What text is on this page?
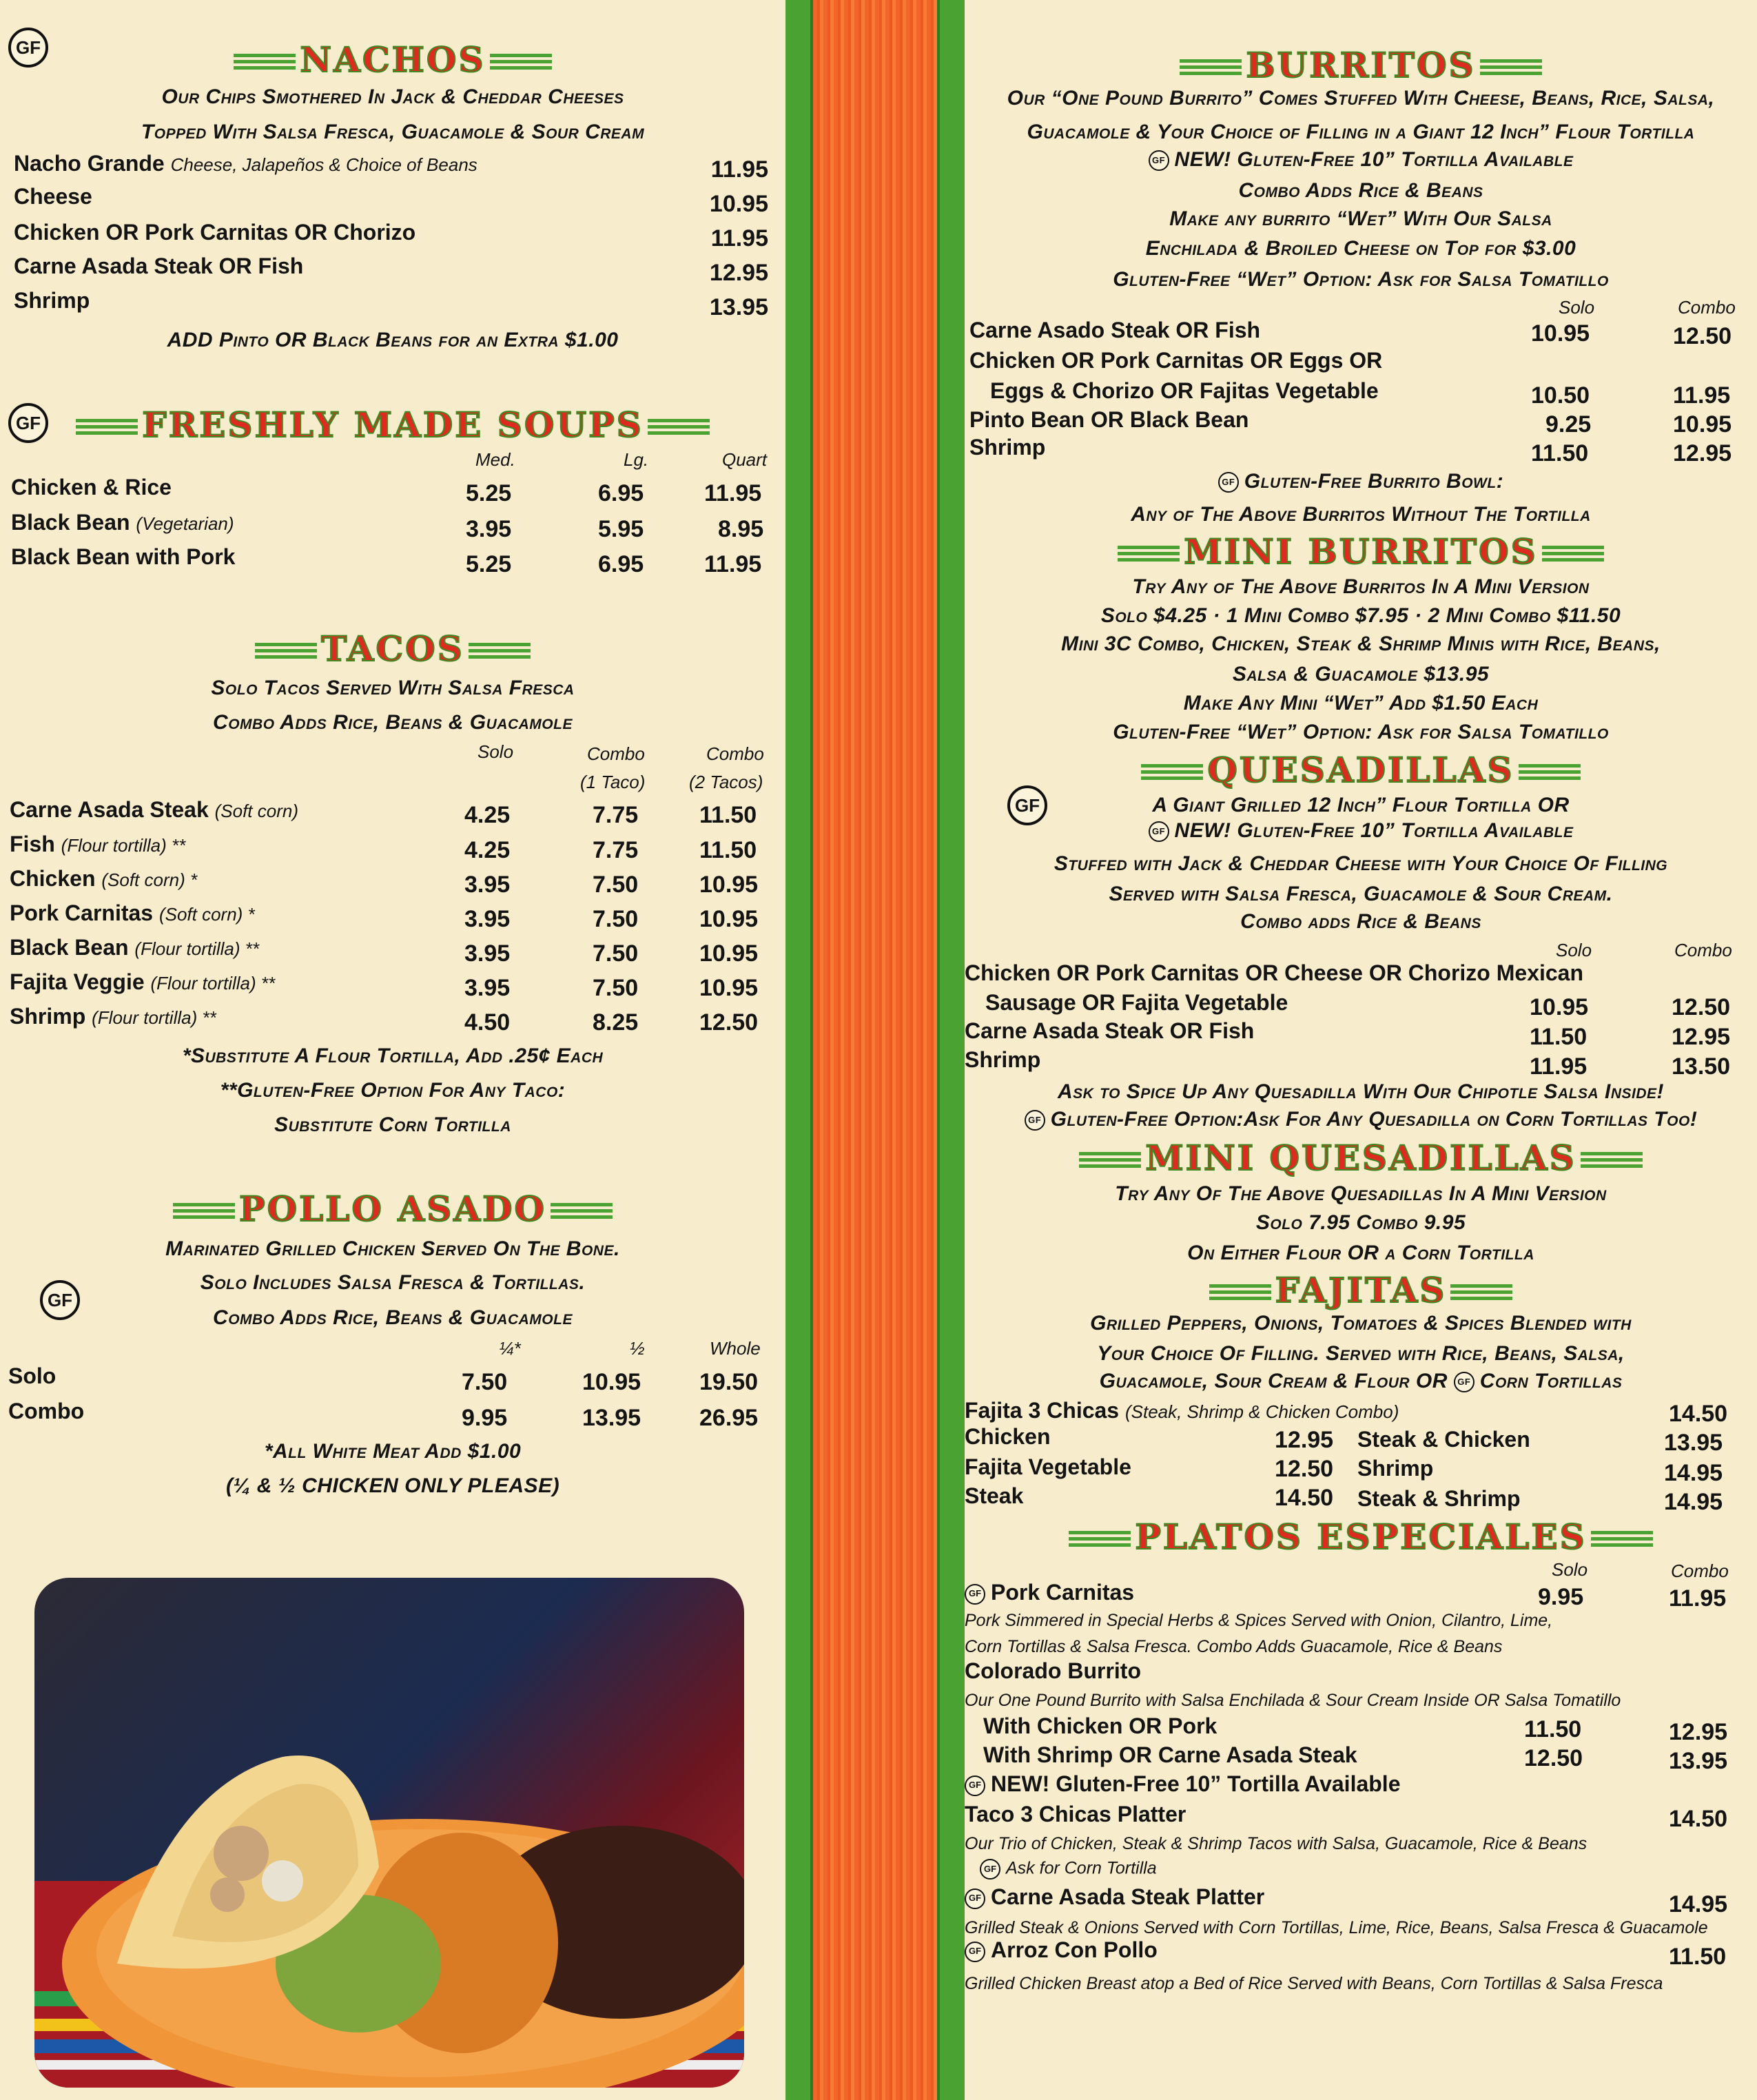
GF	NACHOS
Our Chips Smothered In Jack & Cheddar Cheeses
Topped With Salsa Fresca, Guacamole & Sour Cream
Nacho Grande Cheese, Jalapeños & Choice of Beans	11.95
Cheese	10.95
Chicken OR Pork Carnitas OR Chorizo	11.95
Carne Asada Steak OR Fish	12.95
Shrimp	13.95
ADD Pinto OR Black Beans for an Extra $1.00
GF	FRESHLY MADE SOUPS
Med.	Lg.	Quart
Chicken & Rice	5.25	6.95	11.95
Black Bean (Vegetarian)	3.95	5.95	8.95
Black Bean with Pork	5.25	6.95	11.95
TACOS
Solo Tacos Served With Salsa Fresca
Combo Adds Rice, Beans & Guacamole
Solo	Combo	Combo
(1 Taco) (2 Tacos)
Carne Asada Steak (Soft corn)	4.25	7.75	11.50
Fish (Flour tortilla) **	4.25	7.75	11.50
Chicken (Soft corn) *	3.95	7.50	10.95
Pork Carnitas (Soft corn) *	3.95	7.50	10.95
Black Bean (Flour tortilla) **	3.95	7.50	10.95
Fajita Veggie (Flour tortilla) **	3.95	7.50	10.95
Shrimp (Flour tortilla) **	4.50	8.25	12.50
*Substitute A Flour Tortilla, Add .25¢ Each
**Gluten-Free Option For Any Taco:
Substitute Corn Tortilla
POLLO ASADO
Marinated Grilled Chicken Served On The Bone.
GF
Solo Includes Salsa Fresca & Tortillas.
Combo Adds Rice, Beans & Guacamole
¼*	½	Whole
Solo	7.50	10.95 19.50
Combo	9.95	13.95 26.95
*All White Meat Add $1.00
(¼ & ½ CHICKEN ONLY PLEASE)
BURRITOS
Our “One Pound Burrito” Comes Stuffed With Cheese, Beans, Rice, Salsa,
Guacamole & Your Choice of Filling in a Giant 12 Inch” Flour Tortilla
GF NEW! Gluten-Free 10” Tortilla Available
Combo Adds Rice & Beans
Make any burrito “Wet” With Our Salsa
Enchilada & Broiled Cheese on Top for $3.00
Gluten-Free “Wet” Option: Ask for Salsa Tomatillo
Solo	Combo
Carne Asado Steak OR Fish	10.95	12.50
Chicken OR Pork Carnitas OR Eggs OR
Eggs & Chorizo OR Fajitas Vegetable	10.50	11.95
Pinto Bean OR Black Bean	9.25	10.95
Shrimp	11.50	12.95
GF Gluten-Free Burrito Bowl:
Any of The Above Burritos Without The Tortilla
MINI BURRITOS
Try Any of The Above Burritos In A Mini Version
Solo $4.25 · 1 Mini Combo $7.95 · 2 Mini Combo $11.50
Mini 3C Combo, Chicken, Steak & Shrimp Minis with Rice, Beans,
Salsa & Guacamole $13.95
Make Any Mini “Wet” Add $1.50 Each
Gluten-Free “Wet” Option: Ask for Salsa Tomatillo
QUESADILLAS
GF	A Giant Grilled 12 Inch” Flour Tortilla OR
GF NEW! Gluten-Free 10” Tortilla Available
Stuffed with Jack & Cheddar Cheese with Your Choice Of Filling
Served with Salsa Fresca, Guacamole & Sour Cream.
Combo adds Rice & Beans
Solo	Combo
Chicken OR Pork Carnitas OR Cheese OR Chorizo Mexican
Sausage OR Fajita Vegetable	10.95	12.50
Carne Asada Steak OR Fish	11.50	12.95
Shrimp	11.95	13.50
Ask to Spice Up Any Quesadilla With Our Chipotle Salsa Inside!
GF Gluten-Free Option:Ask For Any Quesadilla on Corn Tortillas Too!
MINI QUESADILLAS
Try Any Of The Above Quesadillas In A Mini Version
Solo 7.95 Combo 9.95
On Either Flour OR a Corn Tortilla
FAJITAS
Grilled Peppers, Onions, Tomatoes & Spices Blended with
Your Choice Of Filling. Served with Rice, Beans, Salsa,
Guacamole, Sour Cream & Flour OR GF Corn Tortillas
Fajita 3 Chicas (Steak, Shrimp & Chicken Combo)	14.50
Chicken	12.95 Steak & Chicken	13.95
Fajita Vegetable	12.50 Shrimp	14.95
Steak	14.50 Steak & Shrimp	14.95
PLATOS ESPECIALES
Solo	Combo
GF Pork Carnitas	9.95	11.95
Pork Simmered in Special Herbs & Spices Served with Onion, Cilantro, Lime,
Corn Tortillas & Salsa Fresca. Combo Adds Guacamole, Rice & Beans
Colorado Burrito
Our One Pound Burrito with Salsa Enchilada & Sour Cream Inside OR Salsa Tomatillo
With Chicken OR Pork	11.50	12.95
With Shrimp OR Carne Asada Steak	12.50	13.95
GF NEW! Gluten-Free 10” Tortilla Available
Taco 3 Chicas Platter	14.50
Our Trio of Chicken, Steak & Shrimp Tacos with Salsa, Guacamole, Rice & Beans
GF Ask for Corn Tortilla
GF Carne Asada Steak Platter	14.95
Grilled Steak & Onions Served with Corn Tortillas, Lime, Rice, Beans, Salsa Fresca & Guacamole
GF Arroz Con Pollo	11.50
Grilled Chicken Breast atop a Bed of Rice Served with Beans, Corn Tortillas & Salsa Fresca
